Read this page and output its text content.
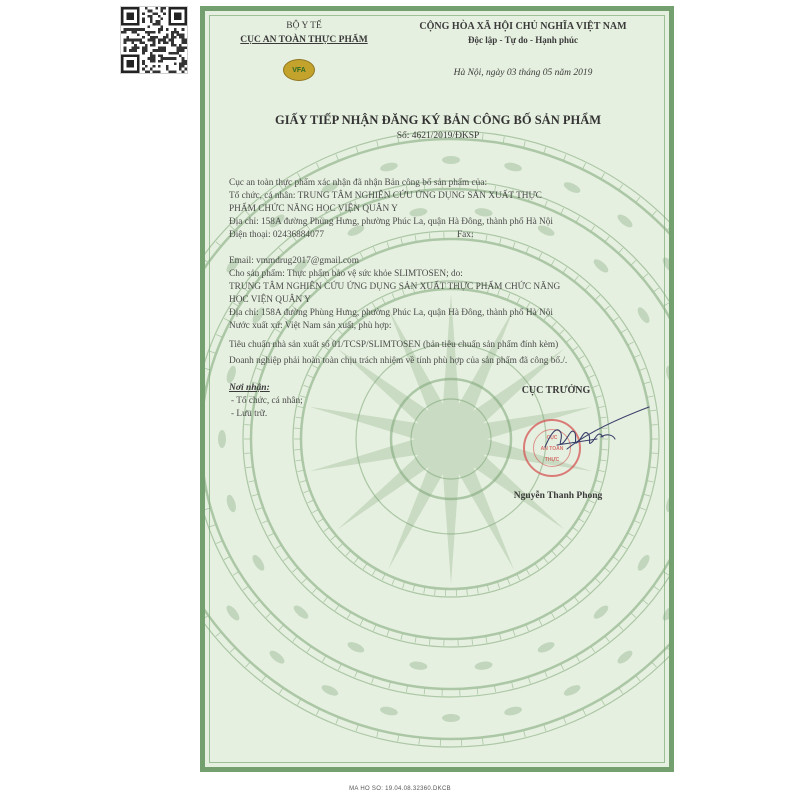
BỘ Y TẾ
CỤC AN TOÀN THỰC PHẨM
VFA
CỘNG HÒA XÃ HỘI CHỦ NGHĨA VIỆT NAM
Độc lập - Tự do - Hạnh phúc
Hà Nội, ngày 03 tháng 05 năm 2019
GIẤY TIẾP NHẬN ĐĂNG KÝ BẢN CÔNG BỐ SẢN PHẨM
Số: 4621/2019/ĐKSP
Cục an toàn thực phẩm xác nhận đã nhận Bản công bố sản phẩm của:
Tổ chức, cá nhân: TRUNG TÂM NGHIÊN CỨU ỨNG DỤNG SẢN XUẤT THỰC
PHẨM CHỨC NĂNG HỌC VIỆN QUÂN Y
Địa chỉ: 158A đường Phùng Hưng, phường Phúc La, quận Hà Đông, thành phố Hà Nội
Điện thoại: 02436884077	Fax:
Email: vmmdrug2017@gmail.com
Cho sản phẩm: Thực phẩm bảo vệ sức khỏe SLIMTOSEN; do:
TRUNG TÂM NGHIÊN CỨU ỨNG DỤNG SẢN XUẤT THỰC PHẨM CHỨC NĂNG
HỌC VIỆN QUÂN Y
Địa chỉ: 158A đường Phùng Hưng, phường Phúc La, quận Hà Đông, thành phố Hà Nội
Nước xuất xứ: Việt Nam sản xuất, phù hợp:
Tiêu chuẩn nhà sản xuất số 01/TCSP/SLIMTOSEN (bản tiêu chuẩn sản phẩm đính kèm)
Doanh nghiệp phải hoàn toàn chịu trách nhiệm về tính phù hợp của sản phẩm đã công bố./.
Nơi nhận:
- Tổ chức, cá nhân;
- Lưu trữ.
CỤC TRƯỞNG
CỤC
AN TOÀN
THỰC
Nguyễn Thanh Phong
MA HO SO: 19.04.08.32360.DKCB
